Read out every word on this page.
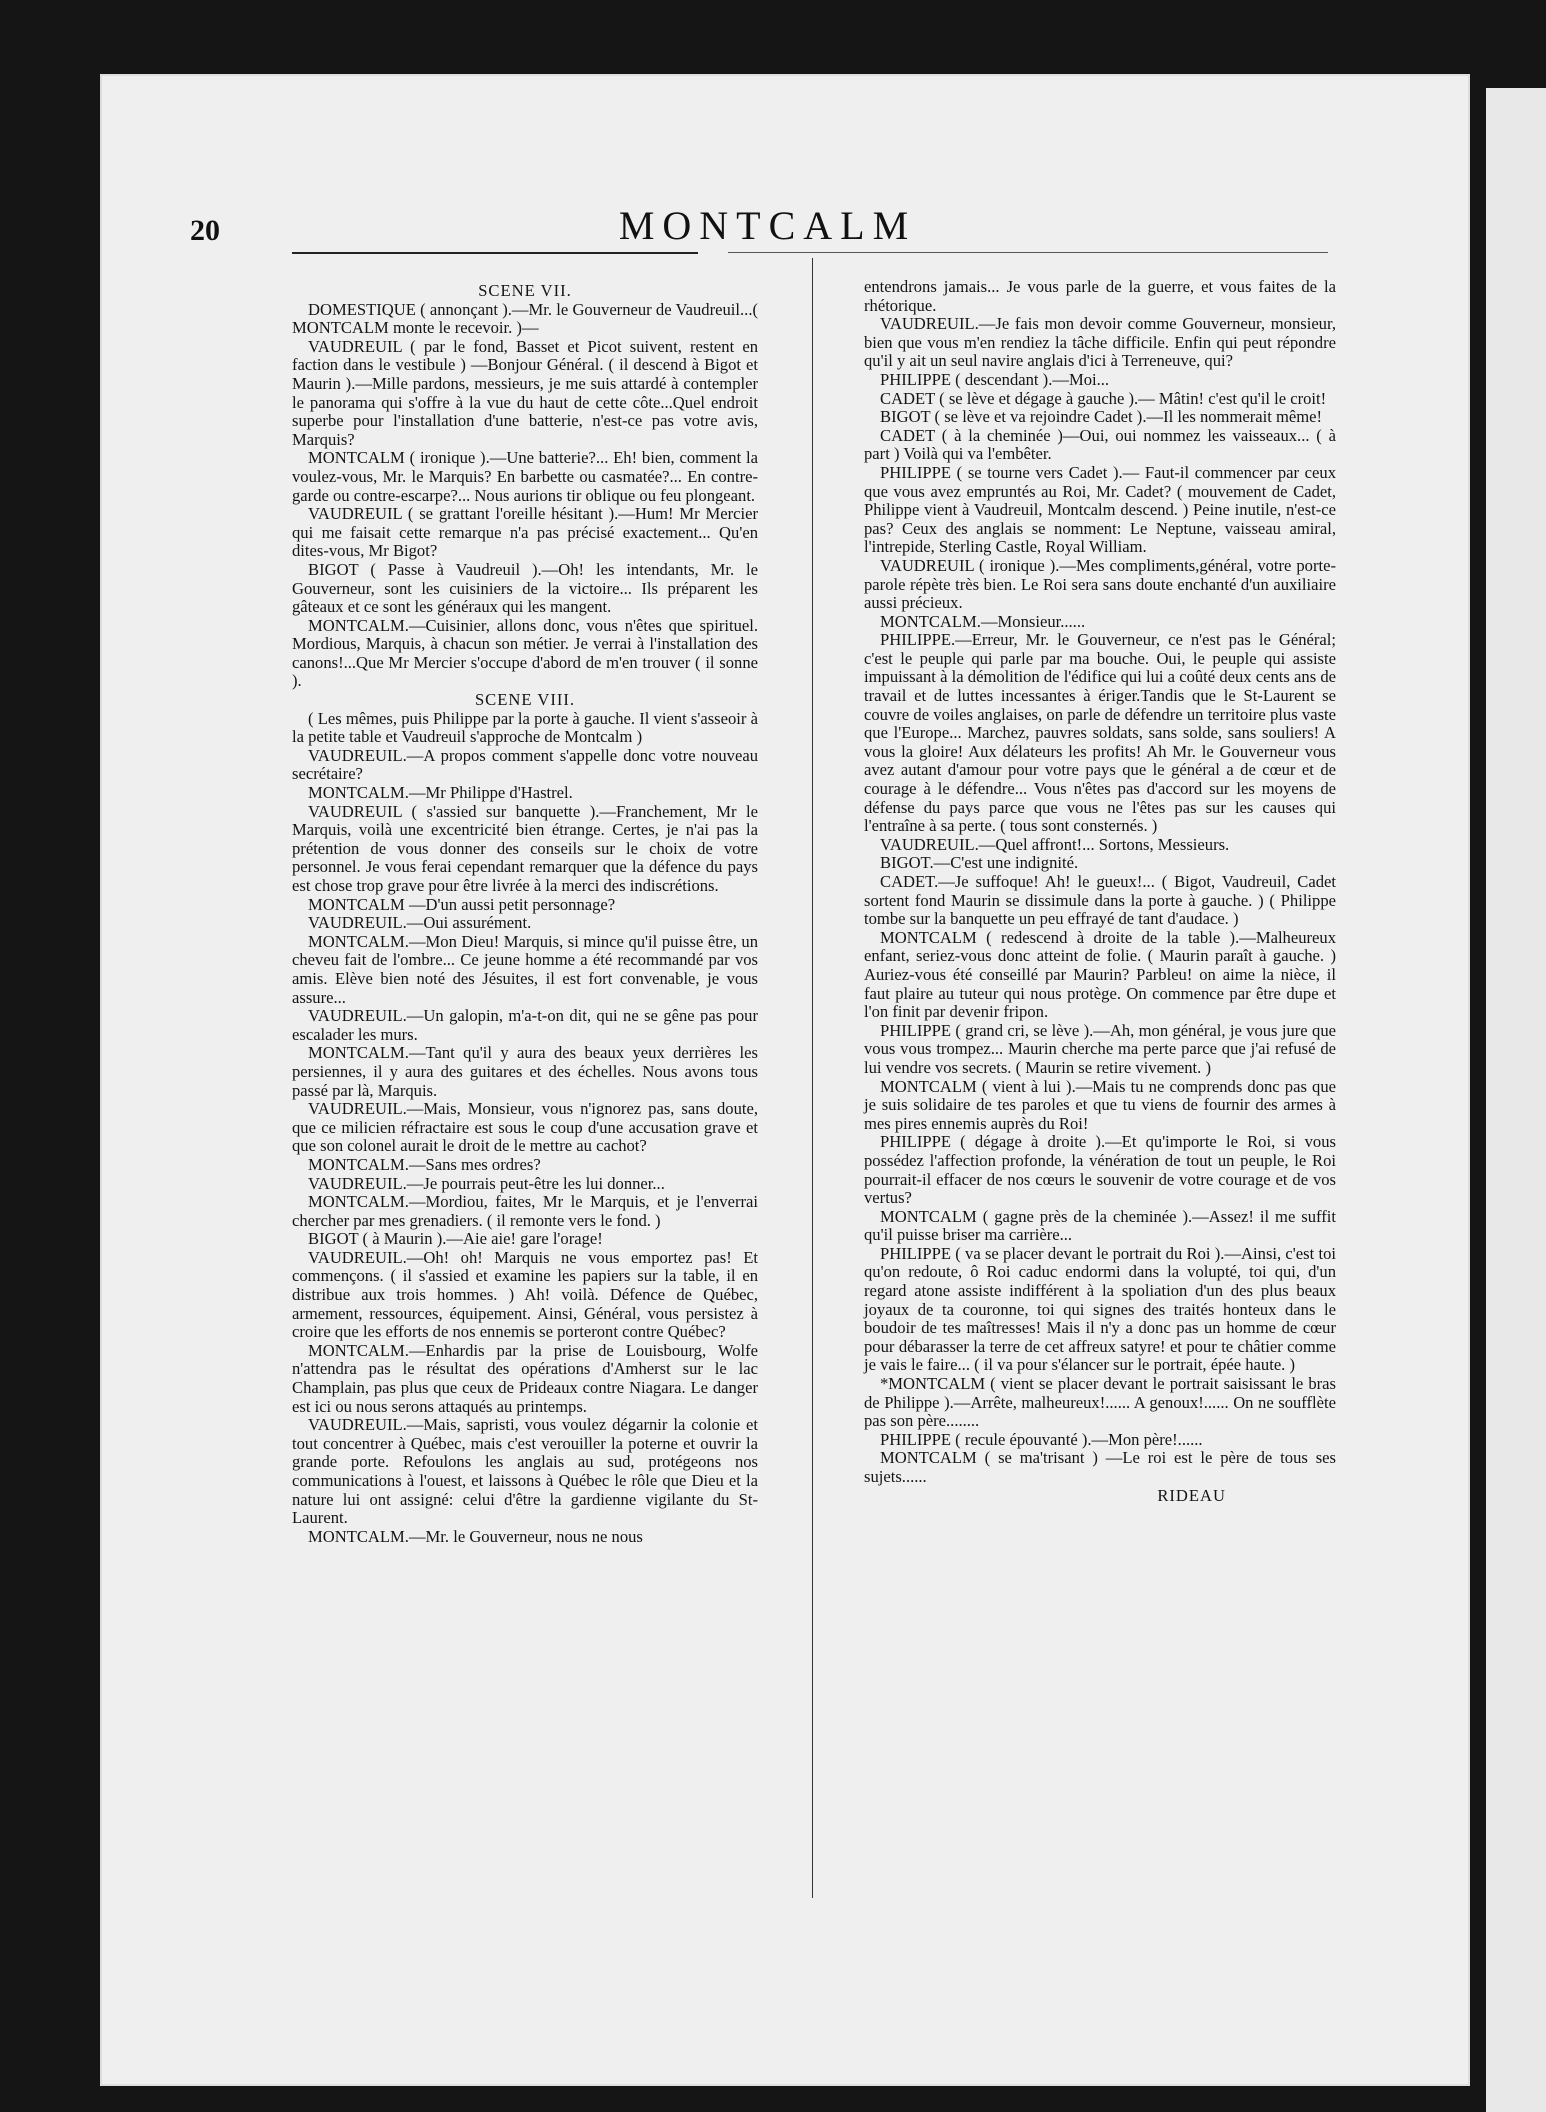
20	MONTCALM

SCENE VII.

DOMESTIQUE ( annonçant ).—Mr. le Gouverneur de Vaudreuil...( MONTCALM monte le recevoir. )—

VAUDREUIL ( par le fond, Basset et Picot suivent, restent en faction dans le vestibule ) —Bonjour Général. ( il descend à Bigot et Maurin ).—Mille pardons, messieurs, je me suis attardé à contempler le panorama qui s'offre à la vue du haut de cette côte...Quel endroit superbe pour l'installation d'une batterie, n'est-ce pas votre avis, Marquis?

MONTCALM ( ironique ).—Une batterie?... Eh! bien, comment la voulez-vous, Mr. le Marquis? En barbette ou casmatée?... En contre-garde ou contre-escarpe?... Nous aurions tir oblique ou feu plongeant.

VAUDREUIL ( se grattant l'oreille hésitant ).—Hum! Mr Mercier qui me faisait cette remarque n'a pas précisé exactement... Qu'en dites-vous, Mr Bigot?

BIGOT ( Passe à Vaudreuil ).—Oh! les intendants, Mr. le Gouverneur, sont les cuisiniers de la victoire... Ils préparent les gâteaux et ce sont les généraux qui les mangent.

MONTCALM.—Cuisinier, allons donc, vous n'êtes que spirituel. Mordious, Marquis, à chacun son métier. Je verrai à l'installation des canons!...Que Mr Mercier s'occupe d'abord de m'en trouver ( il sonne ).

SCENE VIII.

( Les mêmes, puis Philippe par la porte à gauche. Il vient s'asseoir à la petite table et Vaudreuil s'approche de Montcalm )

VAUDREUIL.—A propos comment s'appelle donc votre nouveau secrétaire?

MONTCALM.—Mr Philippe d'Hastrel.

VAUDREUIL ( s'assied sur banquette ).—Franchement, Mr le Marquis, voilà une excentricité bien étrange. Certes, je n'ai pas la prétention de vous donner des conseils sur le choix de votre personnel. Je vous ferai cependant remarquer que la défence du pays est chose trop grave pour être livrée à la merci des indiscrétions.

MONTCALM —D'un aussi petit personnage?

VAUDREUIL.—Oui assurément.

MONTCALM.—Mon Dieu! Marquis, si mince qu'il puisse être, un cheveu fait de l'ombre... Ce jeune homme a été recommandé par vos amis. Elève bien noté des Jésuites, il est fort convenable, je vous assure...

VAUDREUIL.—Un galopin, m'a-t-on dit, qui ne se gêne pas pour escalader les murs.

MONTCALM.—Tant qu'il y aura des beaux yeux derrières les persiennes, il y aura des guitares et des échelles. Nous avons tous passé par là, Marquis.

VAUDREUIL.—Mais, Monsieur, vous n'ignorez pas, sans doute, que ce milicien réfractaire est sous le coup d'une accusation grave et que son colonel aurait le droit de le mettre au cachot?

MONTCALM.—Sans mes ordres?

VAUDREUIL.—Je pourrais peut-être les lui donner...

MONTCALM.—Mordiou, faites, Mr le Marquis, et je l'enverrai chercher par mes grenadiers. ( il remonte vers le fond. )

BIGOT ( à Maurin ).—Aie aie! gare l'orage!

VAUDREUIL.—Oh! oh! Marquis ne vous emportez pas! Et commençons. ( il s'assied et examine les papiers sur la table, il en distribue aux trois hommes. ) Ah! voilà. Défence de Québec, armement, ressources, équipement. Ainsi, Général, vous persistez à croire que les efforts de nos ennemis se porteront contre Québec?

MONTCALM.—Enhardis par la prise de Louisbourg, Wolfe n'attendra pas le résultat des opérations d'Amherst sur le lac Champlain, pas plus que ceux de Prideaux contre Niagara. Le danger est ici ou nous serons attaqués au printemps.

VAUDREUIL.—Mais, sapristi, vous voulez dégarnir la colonie et tout concentrer à Québec, mais c'est verouiller la poterne et ouvrir la grande porte. Refoulons les anglais au sud, protégeons nos communications à l'ouest, et laissons à Québec le rôle que Dieu et la nature lui ont assigné: celui d'être la gardienne vigilante du St-Laurent.

MONTCALM.—Mr. le Gouverneur, nous ne nous

entendrons jamais... Je vous parle de la guerre, et vous faites de la rhétorique.

VAUDREUIL.—Je fais mon devoir comme Gouverneur, monsieur, bien que vous m'en rendiez la tâche difficile. Enfin qui peut répondre qu'il y ait un seul navire anglais d'ici à Terreneuve, qui?

PHILIPPE ( descendant ).—Moi...

CADET ( se lève et dégage à gauche ).— Mâtin! c'est qu'il le croit!

BIGOT ( se lève et va rejoindre Cadet ).—Il les nommerait même!

CADET ( à la cheminée )—Oui, oui nommez les vaisseaux... ( à part ) Voilà qui va l'embêter.

PHILIPPE ( se tourne vers Cadet ).— Faut-il commencer par ceux que vous avez empruntés au Roi, Mr. Cadet? ( mouvement de Cadet, Philippe vient à Vaudreuil, Montcalm descend. ) Peine inutile, n'est-ce pas? Ceux des anglais se nomment: Le Neptune, vaisseau amiral, l'intrepide, Sterling Castle, Royal William.

VAUDREUIL ( ironique ).—Mes compliments,général, votre porte-parole répète très bien. Le Roi sera sans doute enchanté d'un auxiliaire aussi précieux.

MONTCALM.—Monsieur......

PHILIPPE.—Erreur, Mr. le Gouverneur, ce n'est pas le Général; c'est le peuple qui parle par ma bouche. Oui, le peuple qui assiste impuissant à la démolition de l'édifice qui lui a coûté deux cents ans de travail et de luttes incessantes à ériger.Tandis que le St-Laurent se couvre de voiles anglaises, on parle de défendre un territoire plus vaste que l'Europe... Marchez, pauvres soldats, sans solde, sans souliers! A vous la gloire! Aux délateurs les profits! Ah Mr. le Gouverneur vous avez autant d'amour pour votre pays que le général a de cœur et de courage à le défendre... Vous n'êtes pas d'accord sur les moyens de défense du pays parce que vous ne l'êtes pas sur les causes qui l'entraîne à sa perte. ( tous sont consternés. )

VAUDREUIL.—Quel affront!... Sortons, Messieurs.

BIGOT.—C'est une indignité.

CADET.—Je suffoque! Ah! le gueux!... ( Bigot, Vaudreuil, Cadet sortent fond Maurin se dissimule dans la porte à gauche. ) ( Philippe tombe sur la banquette un peu effrayé de tant d'audace. )

MONTCALM ( redescend à droite de la table ).—Malheureux enfant, seriez-vous donc atteint de folie. ( Maurin paraît à gauche. ) Auriez-vous été conseillé par Maurin? Parbleu! on aime la nièce, il faut plaire au tuteur qui nous protège. On commence par être dupe et l'on finit par devenir fripon.

PHILIPPE ( grand cri, se lève ).—Ah, mon général, je vous jure que vous vous trompez... Maurin cherche ma perte parce que j'ai refusé de lui vendre vos secrets. ( Maurin se retire vivement. )

MONTCALM ( vient à lui ).—Mais tu ne comprends donc pas que je suis solidaire de tes paroles et que tu viens de fournir des armes à mes pires ennemis auprès du Roi!

PHILIPPE ( dégage à droite ).—Et qu'importe le Roi, si vous possédez l'affection profonde, la vénération de tout un peuple, le Roi pourrait-il effacer de nos cœurs le souvenir de votre courage et de vos vertus?

MONTCALM ( gagne près de la cheminée ).—Assez! il me suffit qu'il puisse briser ma carrière...

PHILIPPE ( va se placer devant le portrait du Roi ).—Ainsi, c'est toi qu'on redoute, ô Roi caduc endormi dans la volupté, toi qui, d'un regard atone assiste indifférent à la spoliation d'un des plus beaux joyaux de ta couronne, toi qui signes des traités honteux dans le boudoir de tes maîtresses! Mais il n'y a donc pas un homme de cœur pour débarasser la terre de cet affreux satyre! et pour te châtier comme je vais le faire... ( il va pour s'élancer sur le portrait, épée haute. )

*MONTCALM ( vient se placer devant le portrait saisissant le bras de Philippe ).—Arrête, malheureux!...... A genoux!...... On ne soufflète pas son père........

PHILIPPE ( recule épouvanté ).—Mon père!......

MONTCALM ( se ma'trisant ) —Le roi est le père de tous ses sujets......

RIDEAU
